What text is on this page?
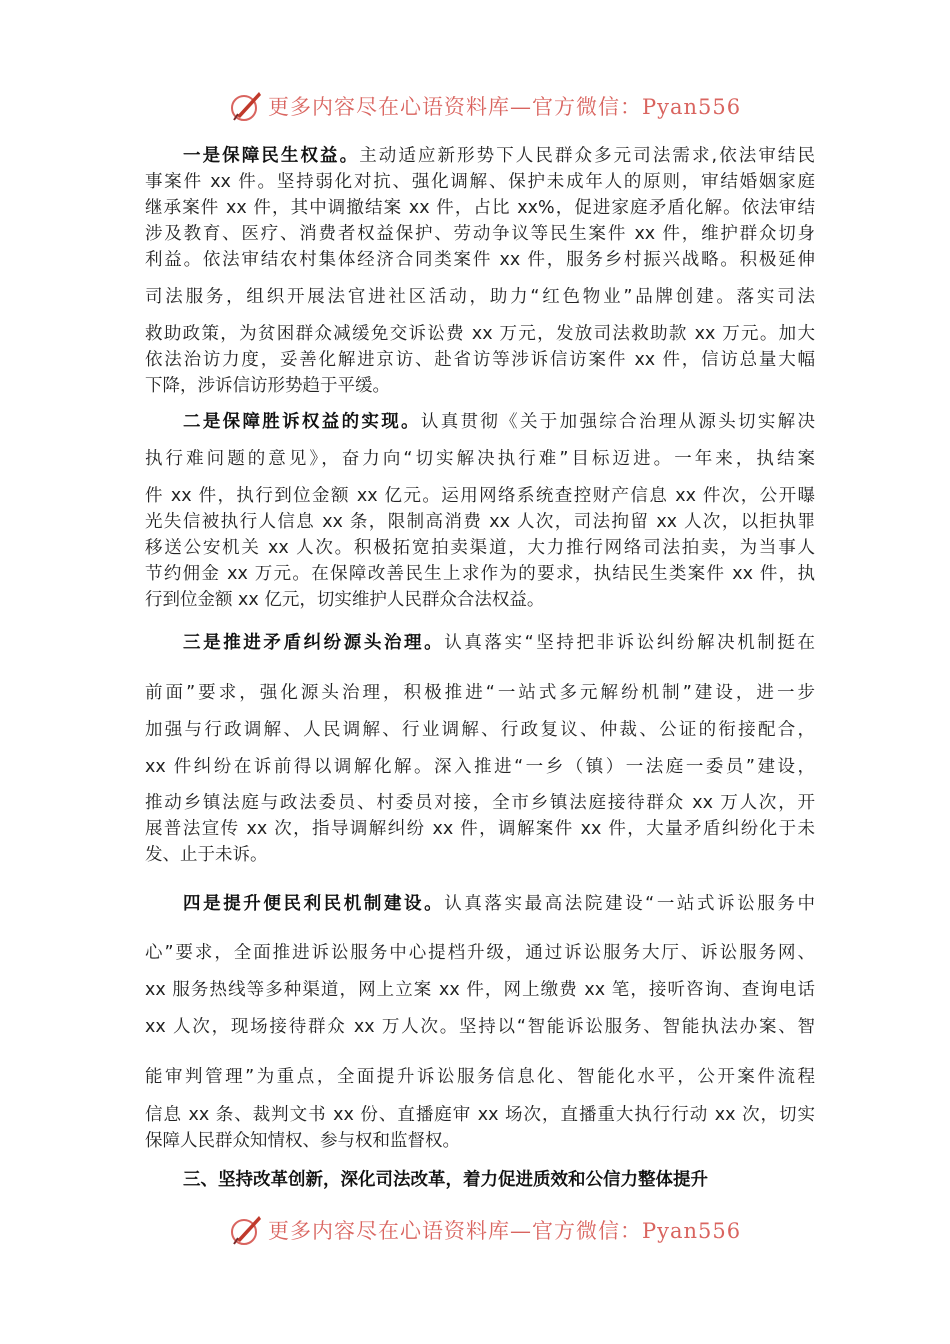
更多内容尽在心语资料库—官方微信：Pyan556
一是保障民生权益。主动适应新形势下人民群众多元司法需求,依法审结民
事案件 xx 件。坚持弱化对抗、强化调解、保护未成年人的原则，审结婚姻家庭
继承案件 xx 件，其中调撤结案 xx 件，占比 xx%，促进家庭矛盾化解。依法审结
涉及教育、医疗、消费者权益保护、劳动争议等民生案件 xx 件，维护群众切身
利益。依法审结农村集体经济合同类案件 xx 件，服务乡村振兴战略。积极延伸
司法服务，组织开展法官进社区活动，助力“红色物业”品牌创建。落实司法
救助政策，为贫困群众减缓免交诉讼费 xx 万元，发放司法救助款 xx 万元。加大
依法治访力度，妥善化解进京访、赴省访等涉诉信访案件 xx 件，信访总量大幅
下降，涉诉信访形势趋于平缓。
二是保障胜诉权益的实现。认真贯彻《关于加强综合治理从源头切实解决
执行难问题的意见》，奋力向“切实解决执行难”目标迈进。一年来，执结案
件 xx 件，执行到位金额 xx 亿元。运用网络系统查控财产信息 xx 件次，公开曝
光失信被执行人信息 xx 条，限制高消费 xx 人次，司法拘留 xx 人次，以拒执罪
移送公安机关 xx 人次。积极拓宽拍卖渠道，大力推行网络司法拍卖，为当事人
节约佣金 xx 万元。在保障改善民生上求作为的要求，执结民生类案件 xx 件，执
行到位金额 xx 亿元，切实维护人民群众合法权益。
三是推进矛盾纠纷源头治理。认真落实“坚持把非诉讼纠纷解决机制挺在
前面”要求，强化源头治理，积极推进“一站式多元解纷机制”建设，进一步
加强与行政调解、人民调解、行业调解、行政复议、仲裁、公证的衔接配合，
xx 件纠纷在诉前得以调解化解。深入推进“一乡（镇）一法庭一委员”建设，
推动乡镇法庭与政法委员、村委员对接，全市乡镇法庭接待群众 xx 万人次，开
展普法宣传 xx 次，指导调解纠纷 xx 件，调解案件 xx 件，大量矛盾纠纷化于未
发、止于未诉。
四是提升便民利民机制建设。认真落实最高法院建设“一站式诉讼服务中
心”要求，全面推进诉讼服务中心提档升级，通过诉讼服务大厅、诉讼服务网、
xx 服务热线等多种渠道，网上立案 xx 件，网上缴费 xx 笔，接听咨询、查询电话
xx 人次，现场接待群众 xx 万人次。坚持以“智能诉讼服务、智能执法办案、智
能审判管理”为重点，全面提升诉讼服务信息化、智能化水平，公开案件流程
信息 xx 条、裁判文书 xx 份、直播庭审 xx 场次，直播重大执行行动 xx 次，切实
保障人民群众知情权、参与权和监督权。
三、坚持改革创新，深化司法改革，着力促进质效和公信力整体提升
更多内容尽在心语资料库—官方微信：Pyan556
